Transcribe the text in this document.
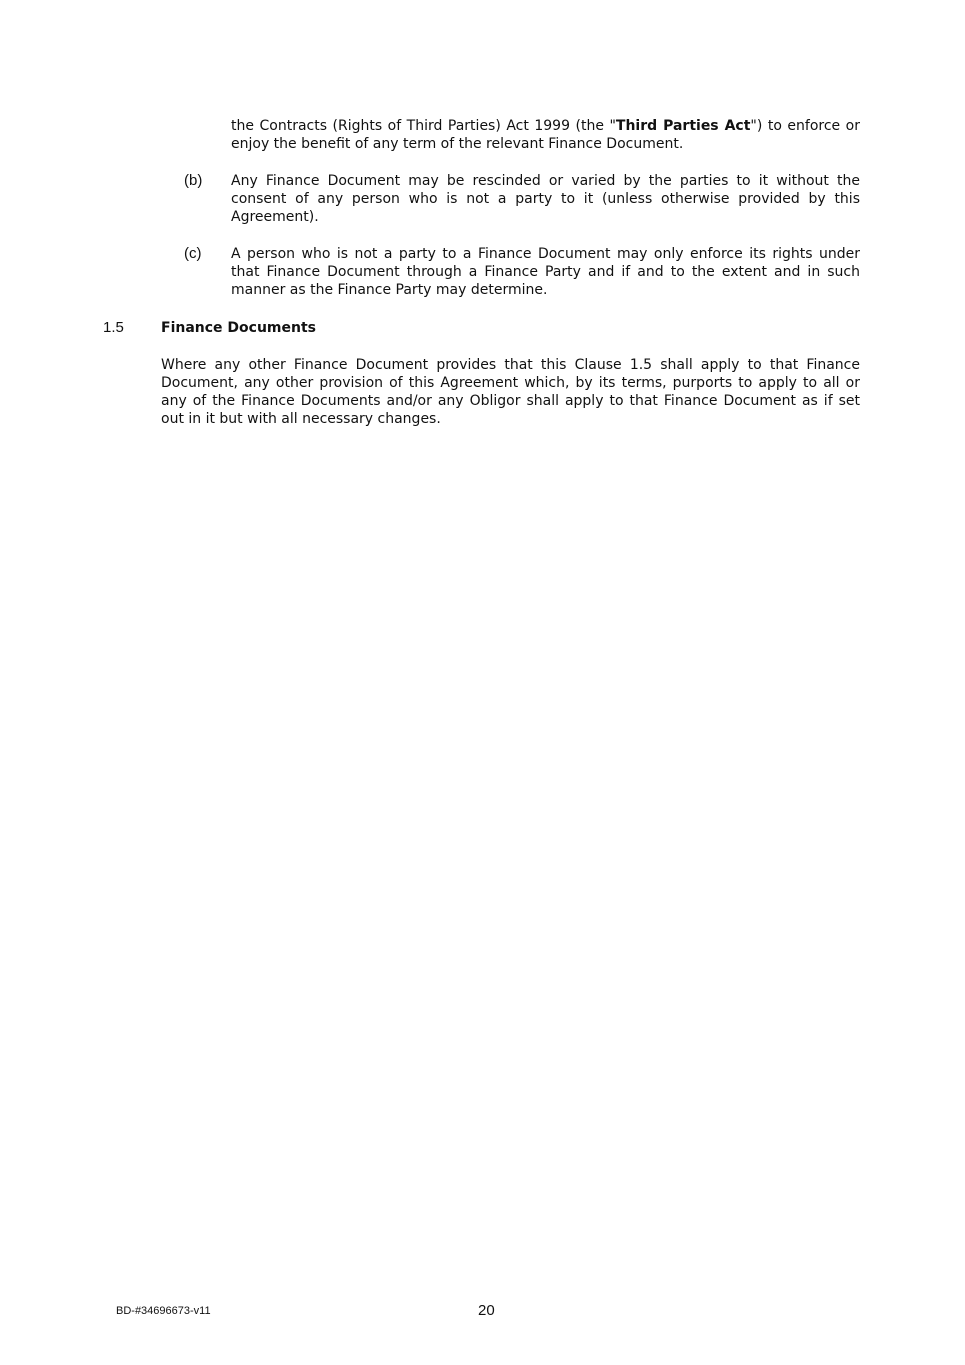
the Contracts (Rights of Third Parties) Act 1999 (the "Third Parties Act") to enforce or enjoy the benefit of any term of the relevant Finance Document.

(b) Any Finance Document may be rescinded or varied by the parties to it without the consent of any person who is not a party to it (unless otherwise provided by this Agreement).

(c) A person who is not a party to a Finance Document may only enforce its rights under that Finance Document through a Finance Party and if and to the extent and in such manner as the Finance Party may determine.

1.5	Finance Documents

Where any other Finance Document provides that this Clause 1.5 shall apply to that Finance Document, any other provision of this Agreement which, by its terms, purports to apply to all or any of the Finance Documents and/or any Obligor shall apply to that Finance Document as if set out in it but with all necessary changes.

BD-#34696673-v11	20
